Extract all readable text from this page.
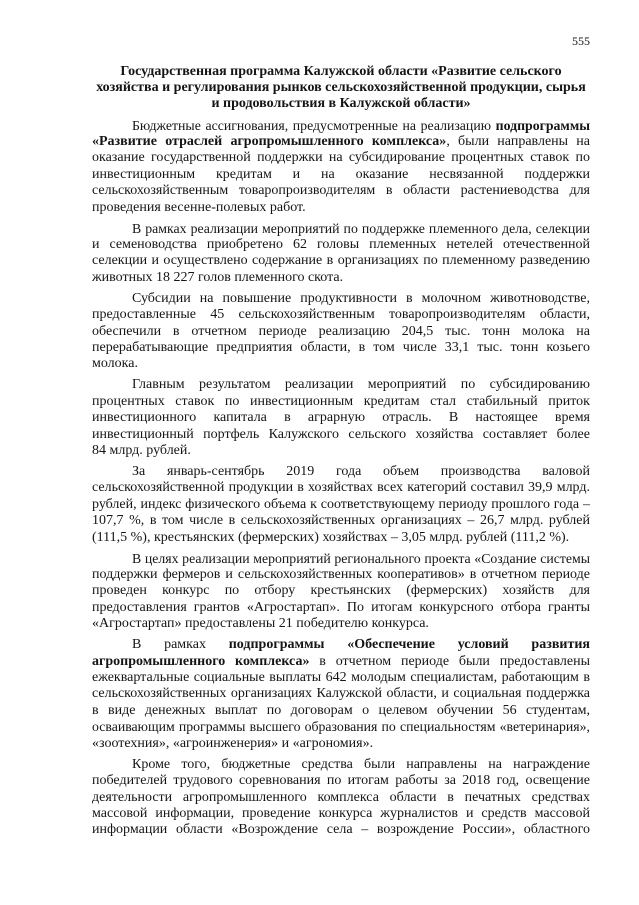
555
Государственная программа Калужской области «Развитие сельского
хозяйства и регулирования рынков сельскохозяйственной продукции, сырья
и продовольствия в Калужской области»
Бюджетные ассигнования, предусмотренные на реализацию подпрограммы
«Развитие отраслей агропромышленного комплекса», были направлены на
оказание государственной поддержки на субсидирование процентных ставок по
инвестиционным кредитам и на оказание несвязанной поддержки
сельскохозяйственным товаропроизводителям в области растениеводства для
проведения весенне-полевых работ.
В рамках реализации мероприятий по поддержке племенного дела, селекции
и семеноводства приобретено 62 головы племенных нетелей отечественной
селекции и осуществлено содержание в организациях по племенному разведению
животных 18 227 голов племенного скота.
Субсидии на повышение продуктивности в молочном животноводстве,
предоставленные 45 сельскохозяйственным товаропроизводителям области,
обеспечили в отчетном периоде реализацию 204,5 тыс. тонн молока на
перерабатывающие предприятия области, в том числе 33,1 тыс. тонн козьего
молока.
Главным результатом реализации мероприятий по субсидированию
процентных ставок по инвестиционным кредитам стал стабильный приток
инвестиционного капитала в аграрную отрасль. В настоящее время
инвестиционный портфель Калужского сельского хозяйства составляет более
84 млрд. рублей.
За январь-сентябрь 2019 года объем производства валовой
сельскохозяйственной продукции в хозяйствах всех категорий составил 39,9 млрд.
рублей, индекс физического объема к соответствующему периоду прошлого года –
107,7 %, в том числе в сельскохозяйственных организациях – 26,7 млрд. рублей
(111,5 %), крестьянских (фермерских) хозяйствах – 3,05 млрд. рублей (111,2 %).
В целях реализации мероприятий регионального проекта «Создание системы
поддержки фермеров и сельскохозяйственных кооперативов» в отчетном периоде
проведен конкурс по отбору крестьянских (фермерских) хозяйств для
предоставления грантов «Агростартап». По итогам конкурсного отбора гранты
«Агростартап» предоставлены 21 победителю конкурса.
В рамках подпрограммы «Обеспечение условий развития
агропромышленного комплекса» в отчетном периоде были предоставлены
ежеквартальные социальные выплаты 642 молодым специалистам, работающим в
сельскохозяйственных организациях Калужской области, и социальная поддержка
в виде денежных выплат по договорам о целевом обучении 56 студентам,
осваивающим программы высшего образования по специальностям «ветеринария»,
«зоотехния», «агроинженерия» и «агрономия».
Кроме того, бюджетные средства были направлены на награждение
победителей трудового соревнования по итогам работы за 2018 год, освещение
деятельности агропромышленного комплекса области в печатных средствах
массовой информации, проведение конкурса журналистов и средств массовой
информации области «Возрождение села – возрождение России», областного
